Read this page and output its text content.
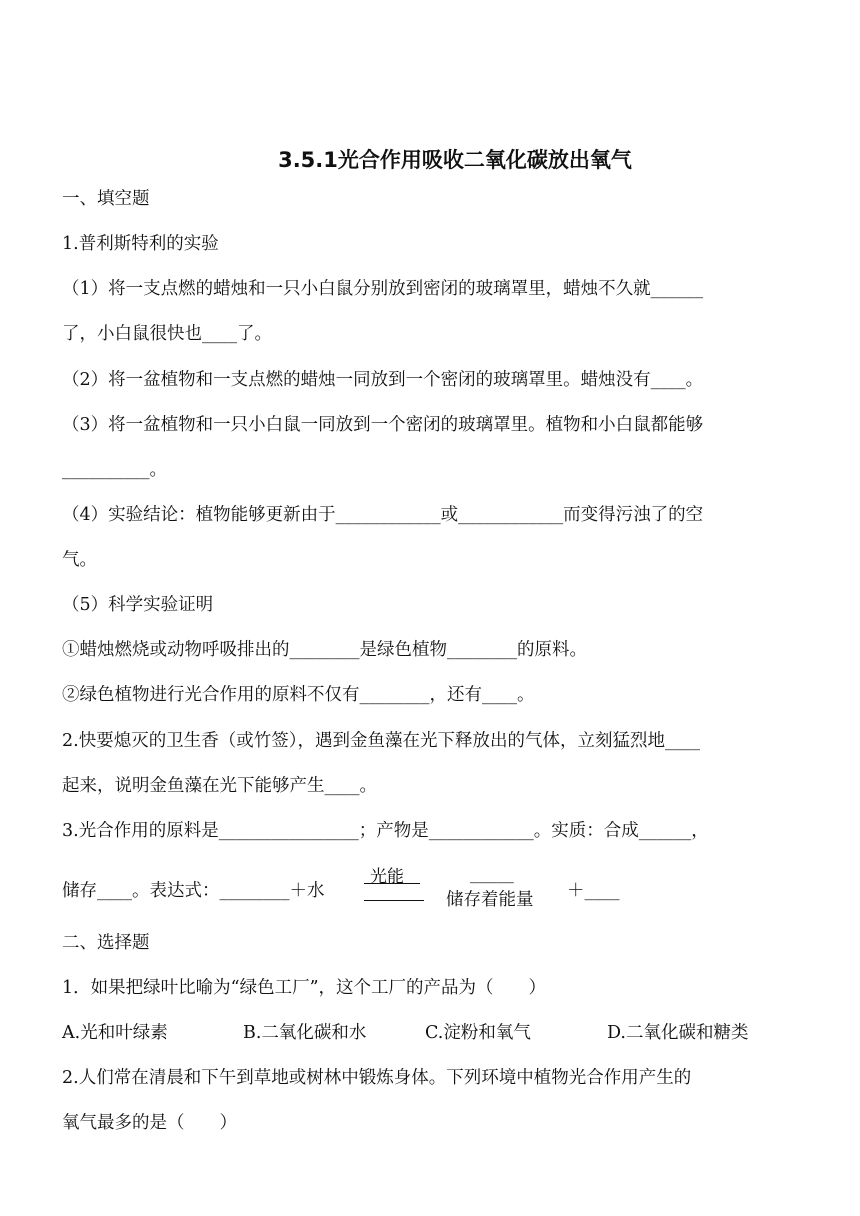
3.5.1光合作用吸收二氧化碳放出氧气
一、填空题
1.普利斯特利的实验
（1）将一支点燃的蜡烛和一只小白鼠分别放到密闭的玻璃罩里，蜡烛不久就______
了，小白鼠很快也____了。
（2）将一盆植物和一支点燃的蜡烛一同放到一个密闭的玻璃罩里。蜡烛没有____。
（3）将一盆植物和一只小白鼠一同放到一个密闭的玻璃罩里。植物和小白鼠都能够
__________。
（4）实验结论：植物能够更新由于____________或____________而变得污浊了的空
气。
（5）科学实验证明
①蜡烛燃烧或动物呼吸排出的________是绿色植物________的原料。
②绿色植物进行光合作用的原料不仅有________，还有____。
2.快要熄灭的卫生香（或竹签），遇到金鱼藻在光下释放出的气体，立刻猛烈地____
起来，说明金鱼藻在光下能够产生____。
3.光合作用的原料是________________；产物是____________。实质：合成______，
储存____。表达式：________＋水
光能	_____
储存着能量 ＋____
二、选择题
1．如果把绿叶比喻为“绿色工厂”，这个工厂的产品为（　　）
A.光和叶绿素	B.二氧化碳和水	C.淀粉和氧气	D.二氧化碳和糖类
2.人们常在清晨和下午到草地或树林中锻炼身体。下列环境中植物光合作用产生的
氧气最多的是（　　）
